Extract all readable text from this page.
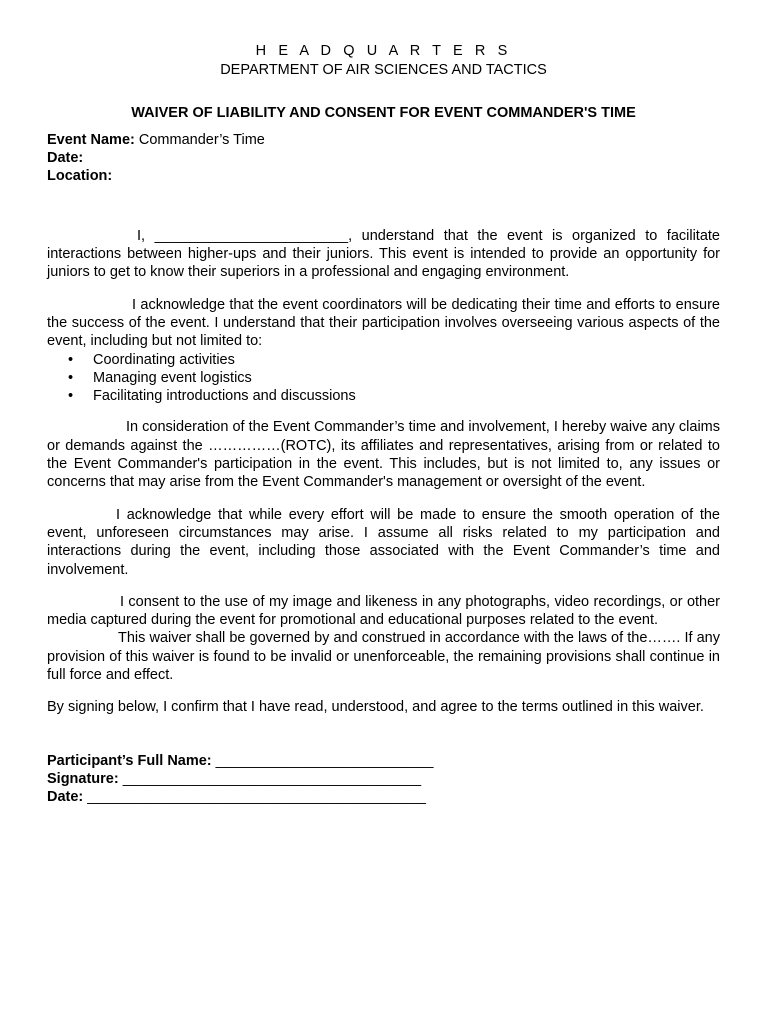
H E A D Q U A R T E R S
DEPARTMENT OF AIR SCIENCES AND TACTICS
WAIVER OF LIABILITY AND CONSENT FOR EVENT COMMANDER'S TIME
Event Name: Commander’s Time
Date:
Location:

I, ________________________, understand that the event is organized to facilitate interactions between higher-ups and their juniors. This event is intended to provide an opportunity for juniors to get to know their superiors in a professional and engaging environment.

I acknowledge that the event coordinators will be dedicating their time and efforts to ensure the success of the event. I understand that their participation involves overseeing various aspects of the event, including but not limited to:

• Coordinating activities
• Managing event logistics
• Facilitating introductions and discussions

In consideration of the Event Commander’s time and involvement, I hereby waive any claims or demands against the ……………(ROTC), its affiliates and representatives, arising from or related to the Event Commander's participation in the event. This includes, but is not limited to, any issues or concerns that may arise from the Event Commander's management or oversight of the event.

I acknowledge that while every effort will be made to ensure the smooth operation of the event, unforeseen circumstances may arise. I assume all risks related to my participation and interactions during the event, including those associated with the Event Commander’s time and involvement.

I consent to the use of my image and likeness in any photographs, video recordings, or other media captured during the event for promotional and educational purposes related to the event.

This waiver shall be governed by and construed in accordance with the laws of the……. If any provision of this waiver is found to be invalid or unenforceable, the remaining provisions shall continue in full force and effect.

By signing below, I confirm that I have read, understood, and agree to the terms outlined in this waiver.

Participant’s Full Name: ___________________________
Signature: _____________________________________
Date: __________________________________________
